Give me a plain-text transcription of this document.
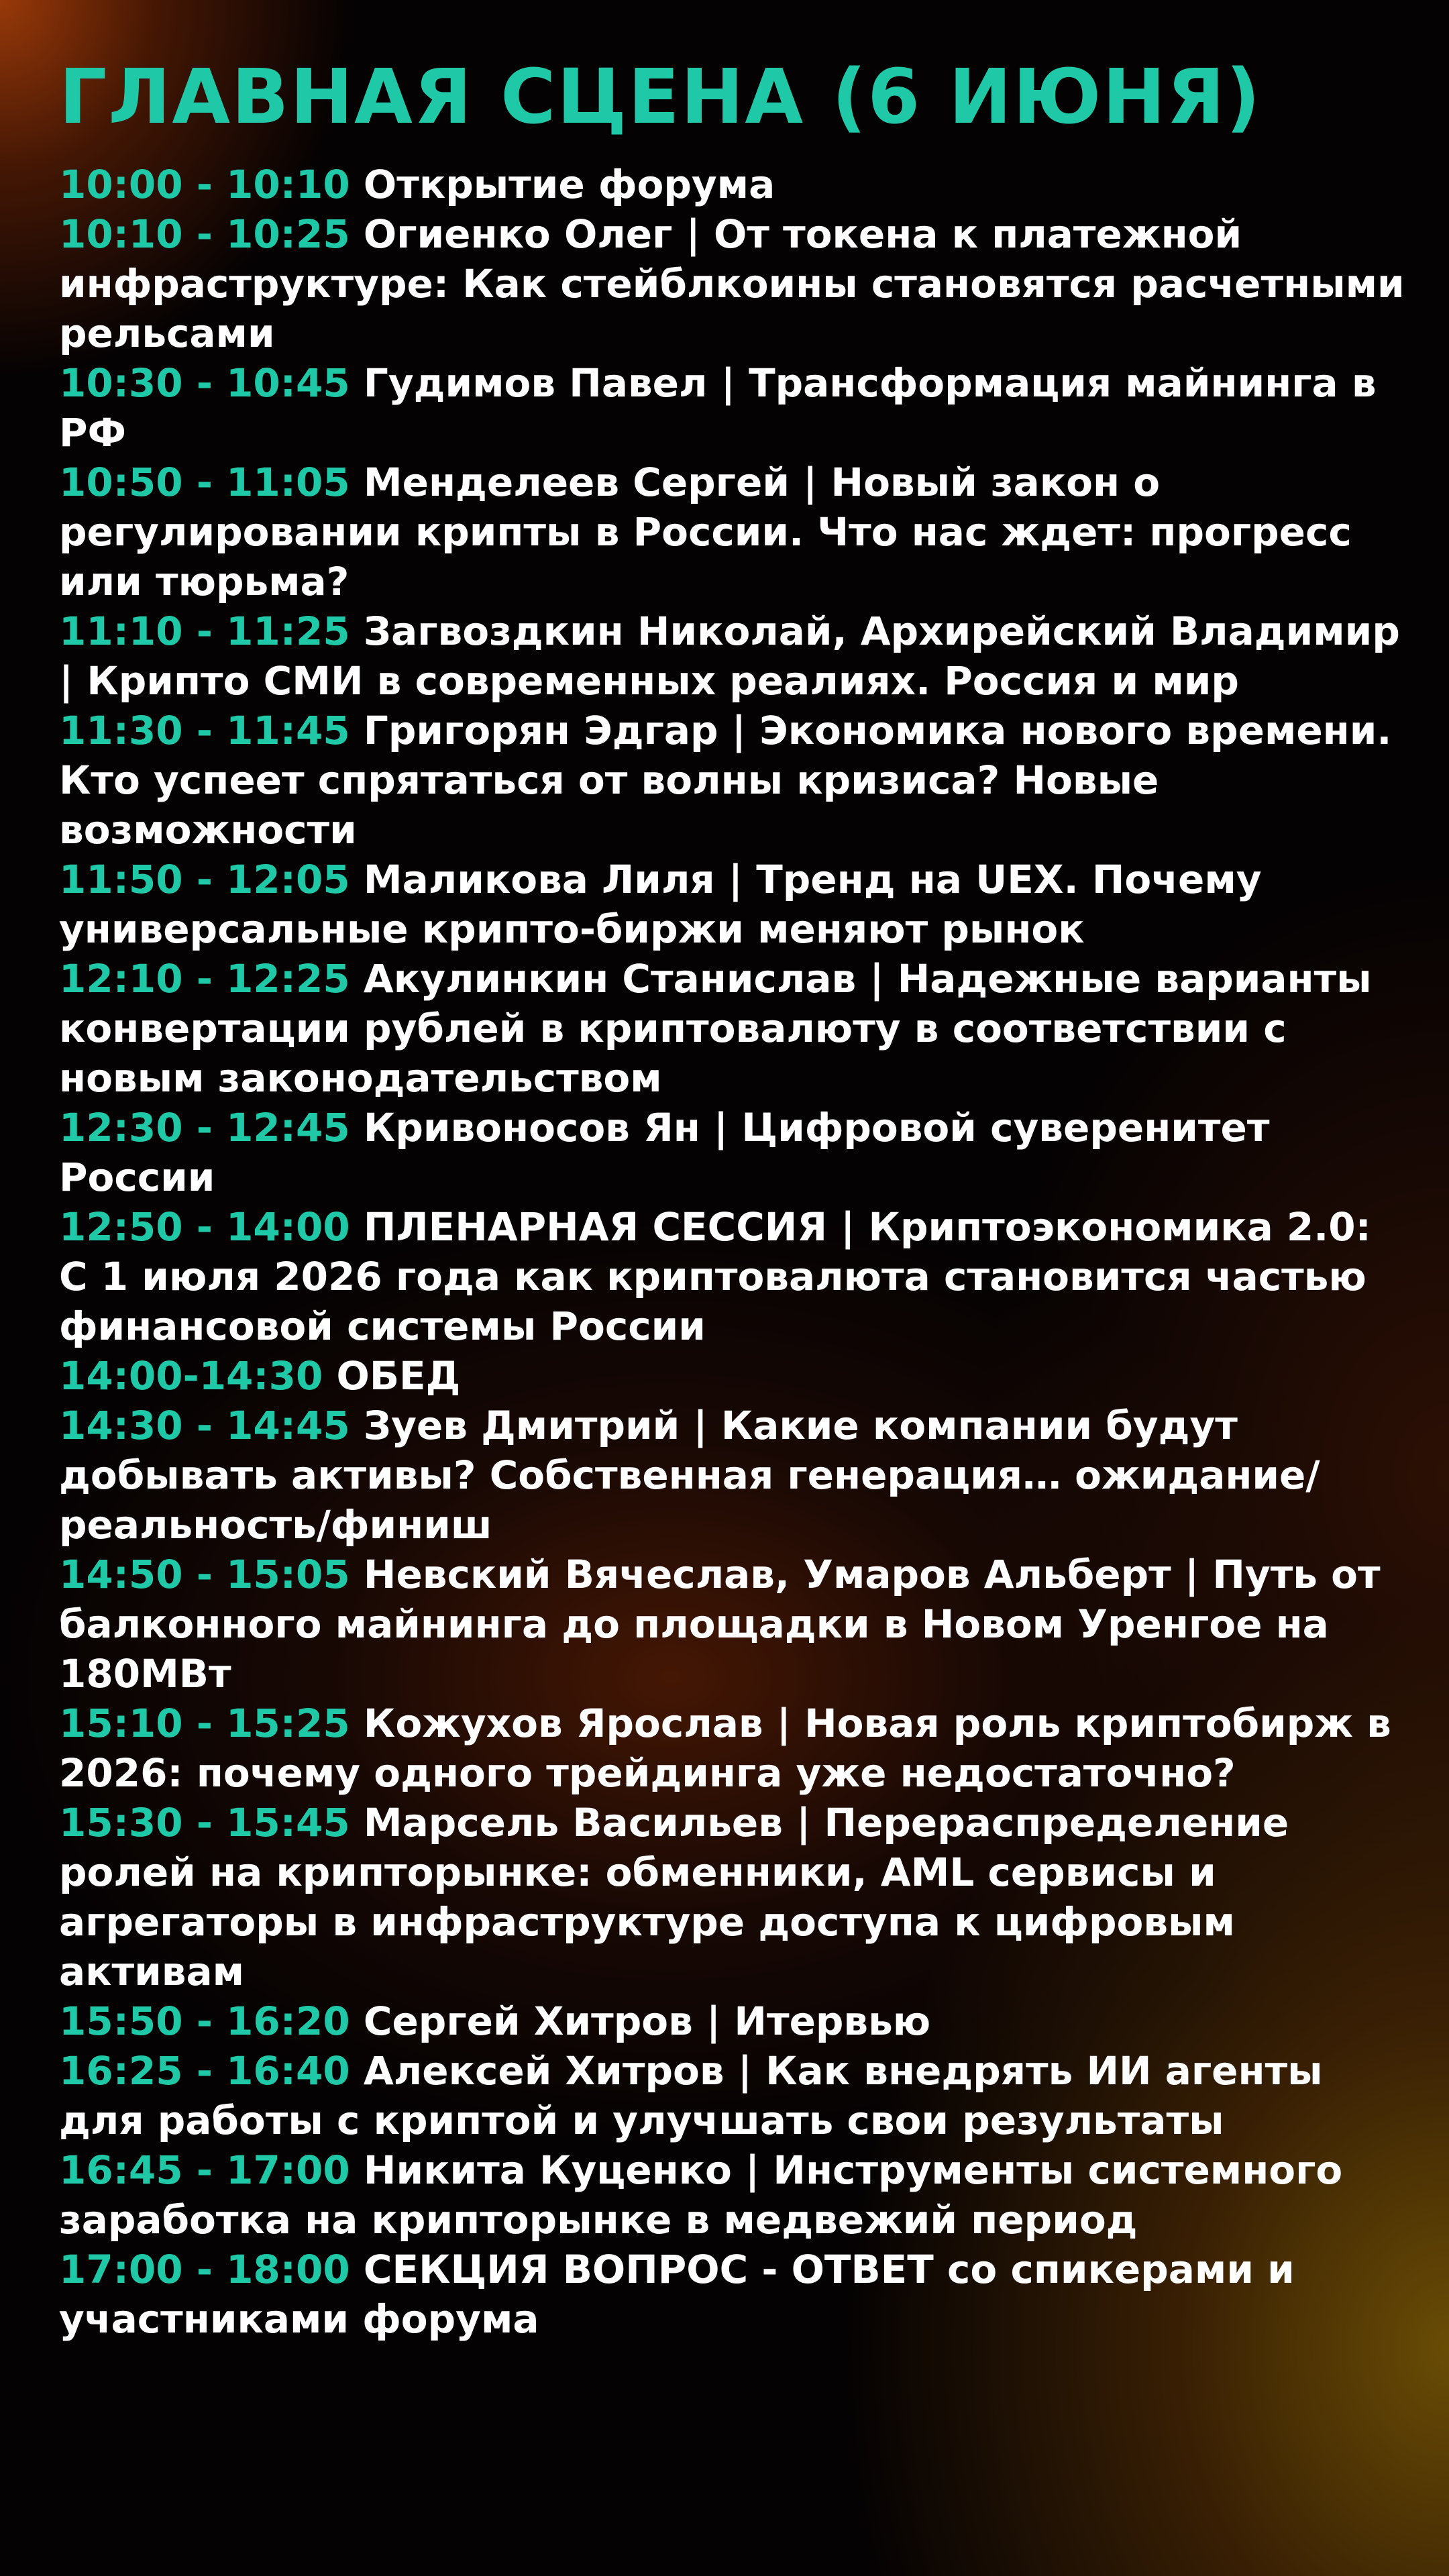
ГЛАВНАЯ СЦЕНА (6 ИЮНЯ)
10:00 - 10:10 Открытие форума
10:10 - 10:25 Огиенко Олег | От токена к платежной инфраструктуре: Как стейблкоины становятся расчетными рельсами
10:30 - 10:45 Гудимов Павел | Трансформация майнинга в РФ
10:50 - 11:05 Менделеев Сергей | Новый закон о регулировании крипты в России. Что нас ждет: прогресс или тюрьма?
11:10 - 11:25 Загвоздкин Николай, Архирейский Владимир | Крипто СМИ в современных реалиях. Россия и мир
11:30 - 11:45 Григорян Эдгар | Экономика нового времени. Кто успеет спрятаться от волны кризиса? Новые возможности
11:50 - 12:05 Маликова Лиля | Тренд на UEX. Почему универсальные крипто-биржи меняют рынок
12:10 - 12:25 Акулинкин Станислав | Надежные варианты конвертации рублей в криптовалюту в соответствии с новым законодательством
12:30 - 12:45 Кривоносов Ян | Цифровой суверенитет России
12:50 - 14:00 ПЛЕНАРНАЯ СЕССИЯ | Криптоэкономика 2.0: С 1 июля 2026 года как криптовалюта становится частью финансовой системы России
14:00-14:30 ОБЕД
14:30 - 14:45 Зуев Дмитрий | Какие компании будут добывать активы? Собственная генерация… ожидание/реальность/финиш
14:50 - 15:05 Невский Вячеслав, Умаров Альберт | Путь от балконного майнинга до площадки в Новом Уренгое на 180МВт
15:10 - 15:25 Кожухов Ярослав | Новая роль криптобирж в 2026: почему одного трейдинга уже недостаточно?
15:30 - 15:45 Марсель Васильев | Перераспределение ролей на крипторынке: обменники, AML сервисы и агрегаторы в инфраструктуре доступа к цифровым активам
15:50 - 16:20 Сергей Хитров | Итервью
16:25 - 16:40 Алексей Хитров | Как внедрять ИИ агенты для работы с криптой и улучшать свои результаты
16:45 - 17:00 Никита Куценко | Инструменты системного заработка на крипторынке в медвежий период
17:00 - 18:00 СЕКЦИЯ ВОПРОС - ОТВЕТ со спикерами и участниками форума
